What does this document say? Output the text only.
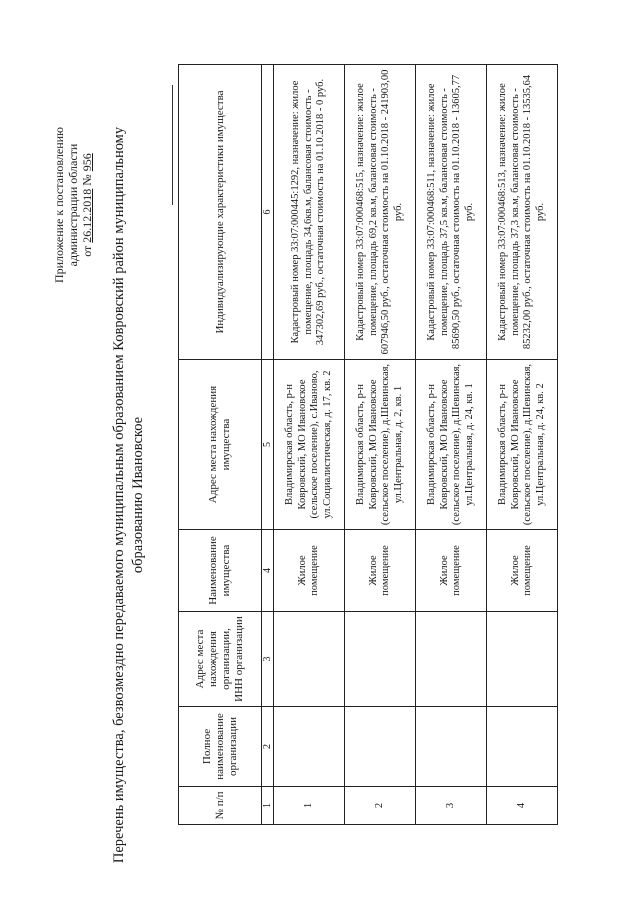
Приложение к постановлению администрации области от 26.12.2018 № 956 Перечень имущества, безвозмездно передаваемого муниципальным образованием Ковровский район муниципальному образованию Ивановское
№ п/п	Полное наименование организации	Адрес места нахождения организации, ИНН организации	Наименование имущества	Адрес места нахождения имущества	Индивидуализирующие характеристики имущества
1	2	3	4	5	6
1			Жилое помещение	Владимирская область, р-н Ковровский, МО Ивановское (сельское поселение), с.Иваново, ул.Социалистическая, д. 17, кв. 2	Кадастровый номер 33:07:000445:1292, назначение: жилое помещение, площадь 34,6кв.м, балансовая стоимость - 347302,69 руб., остаточная стоимость на 01.10.2018 - 0 руб.
2			Жилое помещение	Владимирская область, р-н Ковровский, МО Ивановское (сельское поселение), д.Шевинская, ул.Центральная, д. 2, кв. 1	Кадастровый номер 33:07:000468:515, назначение: жилое помещение, площадь 69,2 кв.м, балансовая стоимость - 607946,50 руб., остаточная стоимость на 01.10.2018 - 241903,00 руб.
3			Жилое помещение	Владимирская область, р-н Ковровский, МО Ивановское (сельское поселение), д.Шевинская, ул.Центральная, д. 24, кв. 1	Кадастровый номер 33:07:000468:511, назначение: жилое помещение, площадь 37,5 кв.м, балансовая стоимость - 85690,50 руб., остаточная стоимость на 01.10.2018 - 13605,77 руб.
4			Жилое помещение	Владимирская область, р-н Ковровский, МО Ивановское (сельское поселение), д.Шевинская, ул.Центральная, д. 24, кв. 2	Кадастровый номер 33:07:000468:513, назначение: жилое помещение, площадь 37,3 кв.м, балансовая стоимость - 85232,00 руб., остаточная стоимость на 01.10.2018 - 13535,64 руб.
